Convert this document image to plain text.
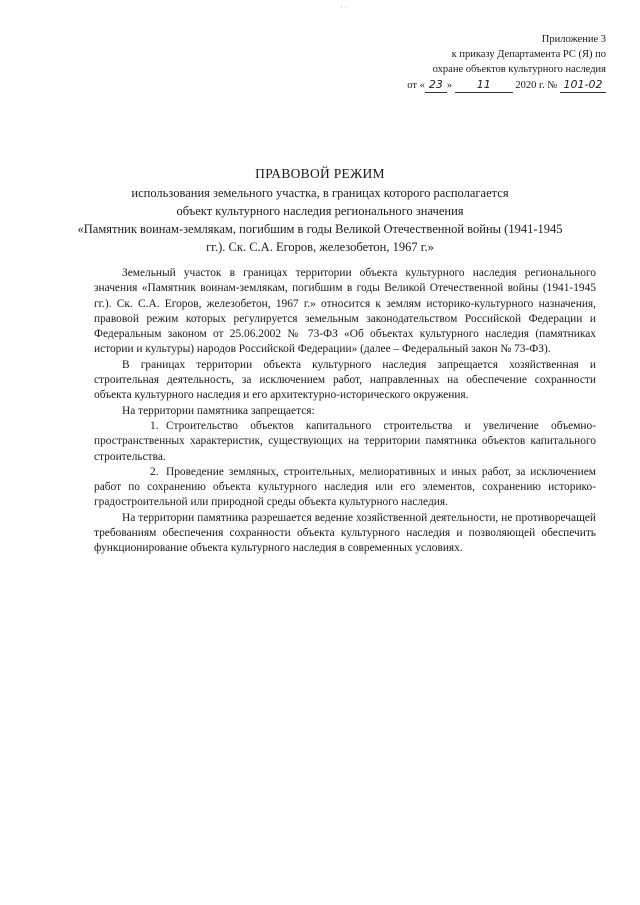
· ·
Приложение 3
к приказу Департамента РС (Я) по
охране объектов культурного наследия
от « 23 » 11 2020 г. № 101-02
ПРАВОВОЙ РЕЖИМ
использования земельного участка, в границах которого располагается
объект культурного наследия регионального значения
«Памятник воинам-землякам, погибшим в годы Великой Отечественной войны (1941-1945
гг.). Ск. С.А. Егоров, железобетон, 1967 г.»

Земельный участок в границах территории объекта культурного наследия регионального значения «Памятник воинам-землякам, погибшим в годы Великой Отечественной войны (1941-1945 гг.). Ск. С.А. Егоров, железобетон, 1967 г.» относится к землям историко-культурного назначения, правовой режим которых регулируется земельным законодательством Российской Федерации и Федеральным законом от 25.06.2002 № 73-ФЗ «Об объектах культурного наследия (памятниках истории и культуры) народов Российской Федерации» (далее – Федеральный закон № 73-ФЗ).

В границах территории объекта культурного наследия запрещается хозяйственная и строительная деятельность, за исключением работ, направленных на обеспечение сохранности объекта культурного наследия и его архитектурно-исторического окружения.

На территории памятника запрещается:

1. Строительство объектов капитального строительства и увеличение объемно-пространственных характеристик, существующих на территории памятника объектов капитального строительства.

2. Проведение земляных, строительных, мелиоративных и иных работ, за исключением работ по сохранению объекта культурного наследия или его элементов, сохранению историко-градостроительной или природной среды объекта культурного наследия.

На территории памятника разрешается ведение хозяйственной деятельности, не противоречащей требованиям обеспечения сохранности объекта культурного наследия и позволяющей обеспечить функционирование объекта культурного наследия в современных условиях.
